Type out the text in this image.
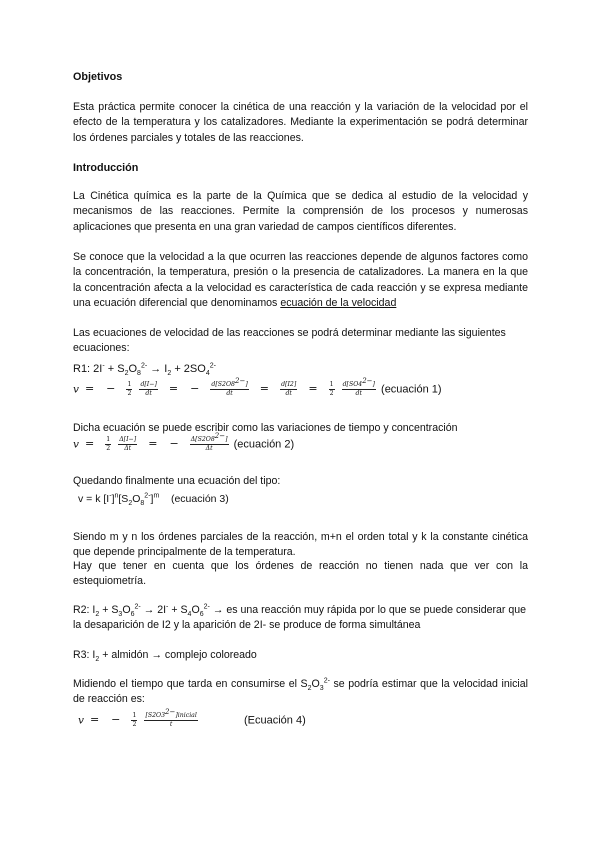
Objetivos
Esta práctica permite conocer la cinética de una reacción y la variación de la velocidad por el efecto de la temperatura y los catalizadores. Mediante la experimentación se podrá determinar los órdenes parciales y totales de las reacciones.
Introducción
La Cinética química es la parte de la Química que se dedica al estudio de la velocidad y mecanismos de las reacciones. Permite la comprensión de los procesos y numerosas aplicaciones que presenta en una gran variedad de campos científicos diferentes.
Se conoce que la velocidad a la que ocurren las reacciones depende de algunos factores como la concentración, la temperatura, presión o la presencia de catalizadores. La manera en la que la concentración afecta a la velocidad es característica de cada reacción y se expresa mediante una ecuación diferencial que denominamos ecuación de la velocidad
Las ecuaciones de velocidad de las reacciones se podrá determinar mediante las siguientes ecuaciones:
R1: $2I^- + S_2O_8^{2-} \to I_2 + 2SO_4^{2-}$
v = − $\frac{1}{2}$
$\frac{d[I-]}{dt}$ = − $\frac{d[S2O8^{2-}]}{dt} = \frac{d[I2]}{dt} = \frac{1}{2}$
$\frac{d[SO4^{2-}]}{dt}$ (ecuación 1)
Dicha ecuación se puede escribir como las variaciones de tiempo y concentración
$v = \frac{1}{2}$
$\frac{\Delta[I-]}{\Delta t}$ = − $\frac{\Delta[S2O8^{2-}]}{\Delta t}$ (ecuación 2)
Quedando finalmente una ecuación del tipo:
v = k $[I^-]^n[S_2O_8^{2-}]^m$ (ecuación 3)
Siendo m y n los órdenes parciales de la reacción, m+n el orden total y k la constante cinética que depende principalmente de la temperatura.
Hay que tener en cuenta que los órdenes de reacción no tienen nada que ver con la estequiometría.
R2: $I_2 + S_3O_6^{2-} \to 2I^- + S_4O_6^{2-}$ → es una reacción muy rápida por lo que se puede considerar que la desaparición de I2 y la aparición de 2I- se produce de forma simultánea
R3: $I_2$ + almidón → complejo coloreado
Midiendo el tiempo que tarda en consumirse el $S_2O_3^{2-}$ se podría estimar que la velocidad inicial de reacción es:
v = − $\frac{1}{2}$
$\frac{[S2O3^{2-}]inicial}{t}$	(Ecuación 4)
